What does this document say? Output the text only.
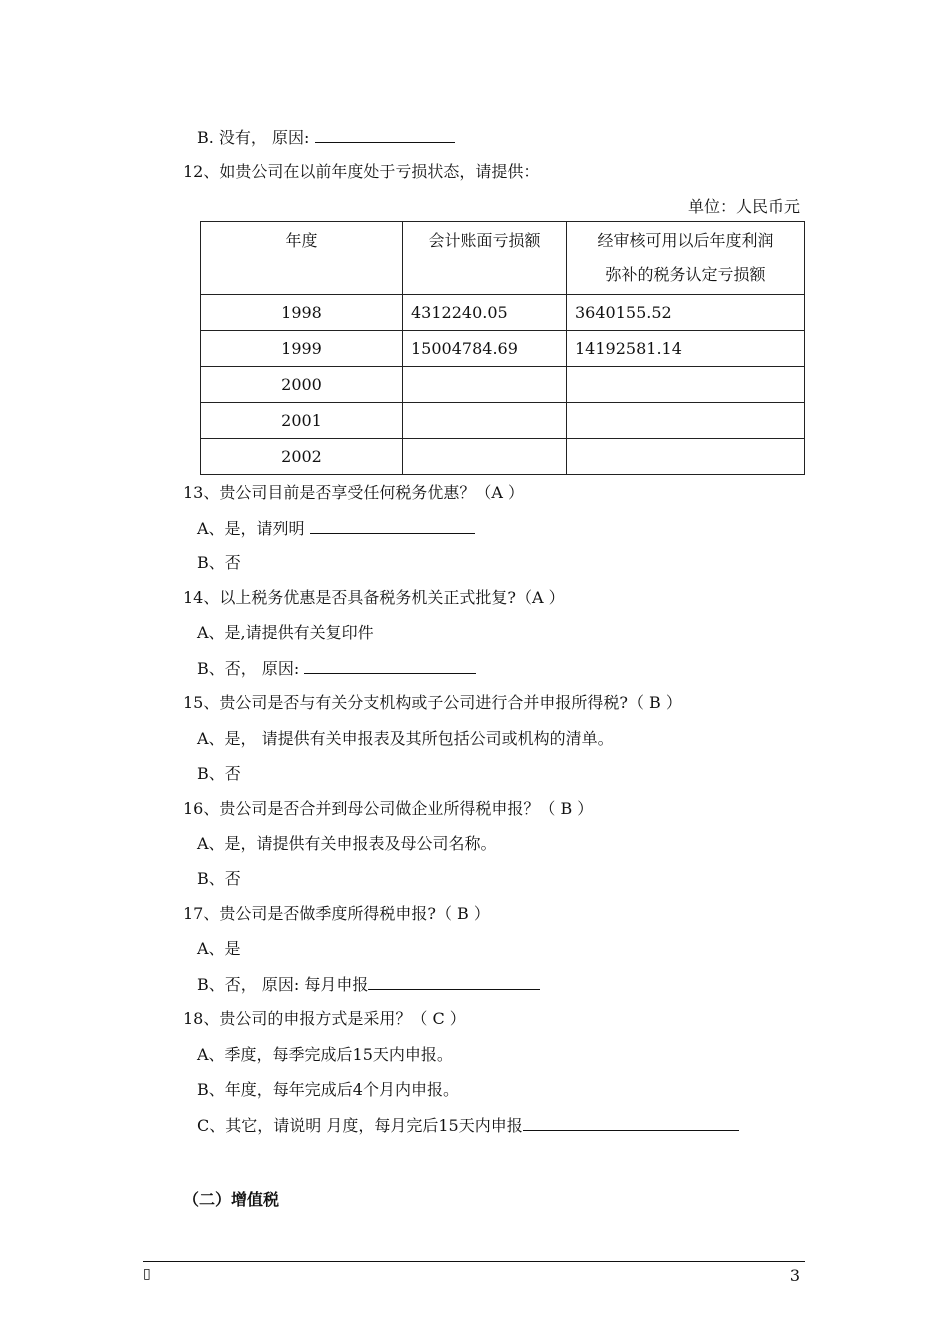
B. 没有， 原因:
12、如贵公司在以前年度处于亏损状态，请提供：
单位：人民币元
年度	会计账面亏损额	经审核可用以后年度利润
弥补的税务认定亏损额

1998	4312240.05	3640155.52
1999	15004784.69	14192581.14
2000		
2001		
2002		
13、贵公司目前是否享受任何税务优惠？（A ）
A、是，请列明
B、否
14、以上税务优惠是否具备税务机关正式批复?（A ）
A、是,请提供有关复印件
B、否， 原因:
15、贵公司是否与有关分支机构或子公司进行合并申报所得税?（ B ）
A、是， 请提供有关申报表及其所包括公司或机构的清单。
B、否
16、贵公司是否合并到母公司做企业所得税申报？（ B ）
A、是，请提供有关申报表及母公司名称。
B、否
17、贵公司是否做季度所得税申报?（ B ）
A、是
B、否， 原因: 每月申报
18、贵公司的申报方式是采用？（ C ）
A、季度，每季完成后15天内申报。
B、年度，每年完成后4个月内申报。
C、其它，请说明 月度，每月完后15天内申报
（二）增值税
▯	3
